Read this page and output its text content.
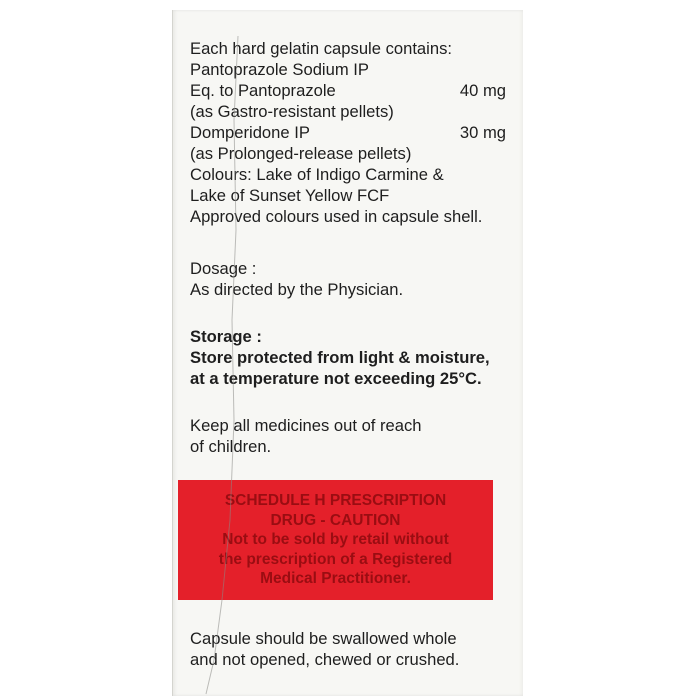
Each hard gelatin capsule contains:
Pantoprazole Sodium IP
Eq. to Pantoprazole	40 mg
(as Gastro-resistant pellets)
Domperidone IP	30 mg
(as Prolonged-release pellets)
Colours: Lake of Indigo Carmine &
Lake of Sunset Yellow FCF
Approved colours used in capsule shell.
Dosage :
As directed by the Physician.
Storage :
Store protected from light & moisture,
at a temperature not exceeding 25°C.
Keep all medicines out of reach
of children.
SCHEDULE H PRESCRIPTION
DRUG - CAUTION
Not to be sold by retail without
the prescription of a Registered
Medical Practitioner.
Capsule should be swallowed whole
and not opened, chewed or crushed.
